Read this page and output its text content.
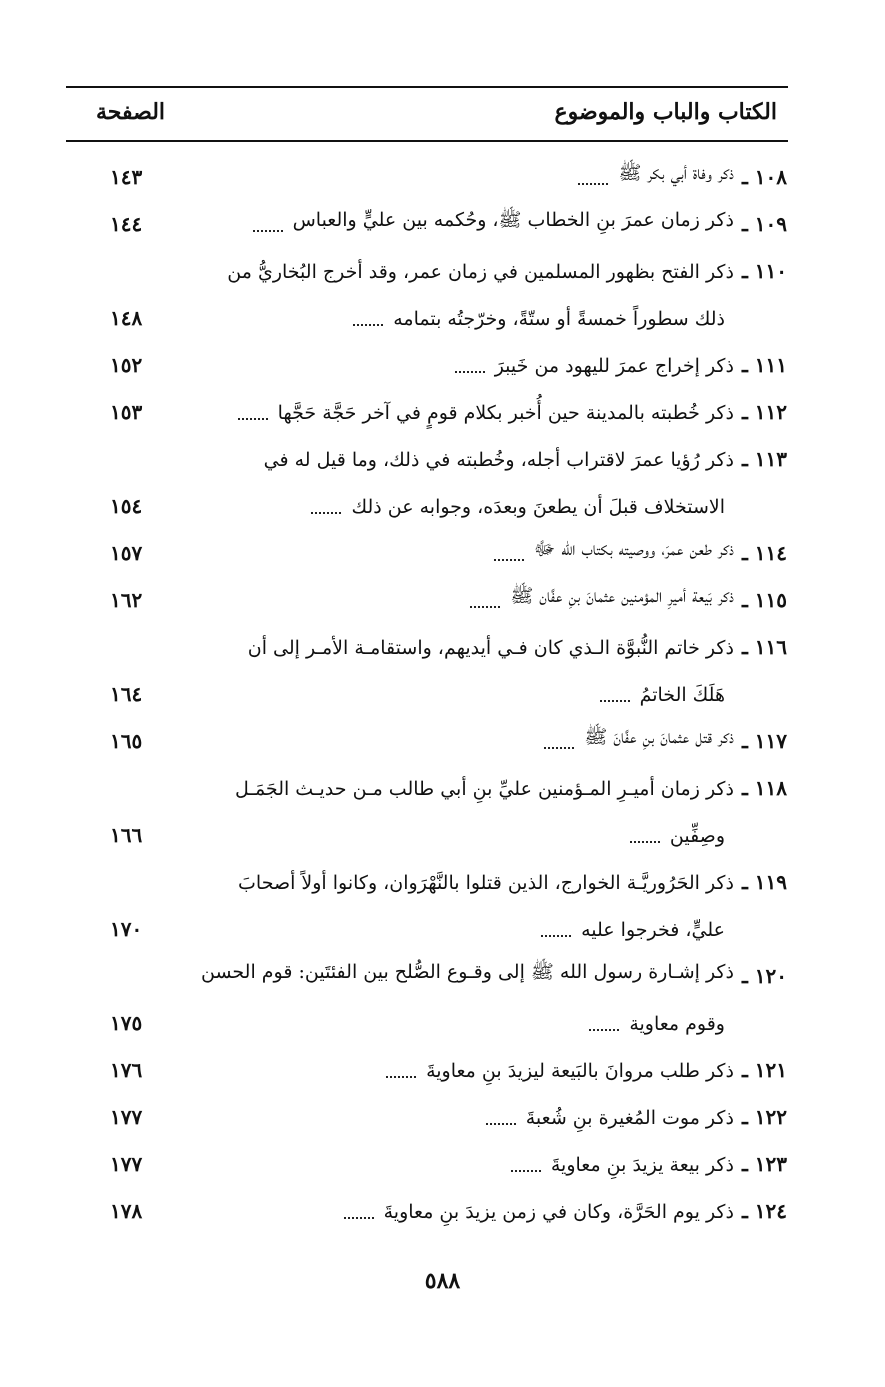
الكتاب والباب والموضوع
الصفحة
١٠٨ ـ
ذكر وفاة أبي بكر ﷺ
١٤٣
١٠٩ ـ
ذكر زمان عمرَ بنِ الخطاب ﷺ، وحُكمه بين عليٍّ والعباس
١٤٤
١١٠ ـ
ذكر الفتح بظهور المسلمين في زمان عمر، وقد أخرج البُخاريُّ من
ذلك سطوراً خمسةً أو ستّةً، وخرّجتُه بتمامه
١٤٨
١١١ ـ
ذكر إخراج عمرَ لليهود من خَيبرَ
١٥٢
١١٢ ـ
ذكر خُطبته بالمدينة حين أُخبر بكلام قومٍ في آخر حَجَّة حَجَّها
١٥٣
١١٣ ـ
ذكر رُؤيا عمرَ لاقتراب أجله، وخُطبته في ذلك، وما قيل له في
الاستخلاف قبلَ أن يطعنَ وبعدَه، وجوابه عن ذلك
١٥٤
١١٤ ـ
ذكر طعن عمرَ، ووصيته بكتاب الله ﷻ
١٥٧
١١٥ ـ
ذكر بَيعة أميرِ المؤمنين عثمانَ بنِ عفَّان ﷺ
١٦٢
١١٦ ـ
ذكر خاتم النُّبوَّة الـذي كان فـي أيديهم، واستقامـة الأمـر إلى أن
هَلَكَ الخاتمُ
١٦٤
١١٧ ـ
ذكر قتل عثمانَ بنِ عفَّانَ ﷺ
١٦٥
١١٨ ـ
ذكر زمان أميـرِ المـؤمنين عليِّ بنِ أبي طالب مـن حديـث الجَمَـل
وصِفِّين
١٦٦
١١٩ ـ
ذكر الحَرُوريَّـة الخوارج، الذين قتلوا بالنَّهْرَوان، وكانوا أولاً أصحابَ
عليٍّ، فخرجوا عليه
١٧٠
١٢٠ ـ
ذكر إشـارة رسول الله ﷺ إلى وقـوع الصُّلح بين الفئتَين: قوم الحسن
وقوم معاوية
١٧٥
١٢١ ـ
ذكر طلب مروانَ بالبَيعة ليزيدَ بنِ معاويةَ
١٧٦
١٢٢ ـ
ذكر موت المُغيرة بنِ شُعبةَ
١٧٧
١٢٣ ـ
ذكر بيعة يزيدَ بنِ معاويةَ
١٧٧
١٢٤ ـ
ذكر يوم الحَرَّة، وكان في زمن يزيدَ بنِ معاويةَ
١٧٨
٥٨٨
